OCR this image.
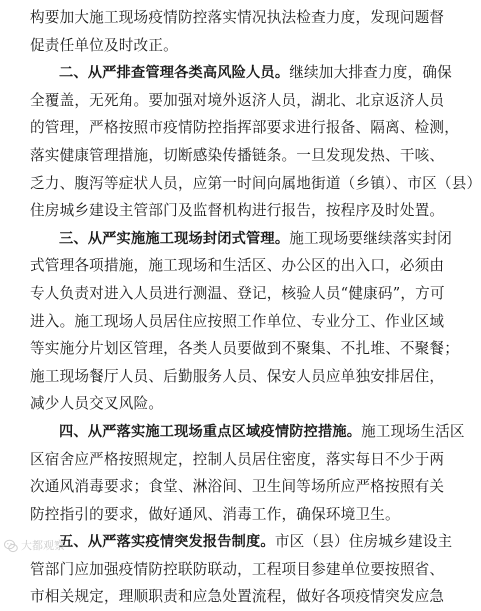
构要加大施工现场疫情防控落实情况执法检查力度，发现问题督
促责任单位及时改正。
二、从严排查管理各类高风险人员。继续加大排查力度，确保
全覆盖，无死角。要加强对境外返济人员，湖北、北京返济人员
的管理，严格按照市疫情防控指挥部要求进行报备、隔离、检测，
落实健康管理措施，切断感染传播链条。一旦发现发热、干咳、
乏力、腹泻等症状人员，应第一时间向属地街道（乡镇）、市区（县）
住房城乡建设主管部门及监督机构进行报告，按程序及时处置。
三、从严实施施工现场封闭式管理。施工现场要继续落实封闭
式管理各项措施，施工现场和生活区、办公区的出入口，必须由
专人负责对进入人员进行测温、登记，核验人员“健康码”，方可
进入。施工现场人员居住应按照工作单位、专业分工、作业区域
等实施分片划区管理，各类人员要做到不聚集、不扎堆、不聚餐；
施工现场餐厅人员、后勤服务人员、保安人员应单独安排居住，
减少人员交叉风险。
四、从严落实施工现场重点区域疫情防控措施。施工现场生活区
区宿舍应严格按照规定，控制人员居住密度，落实每日不少于两
次通风消毒要求；食堂、淋浴间、卫生间等场所应严格按照有关
防控指引的要求，做好通风、消毒工作，确保环境卫生。
五、从严落实疫情突发报告制度。市区（县）住房城乡建设主
管部门应加强疫情防控联防联动，工程项目参建单位要按照省、
市相关规定，理顺职责和应急处置流程，做好各项疫情突发应急
大都观察
